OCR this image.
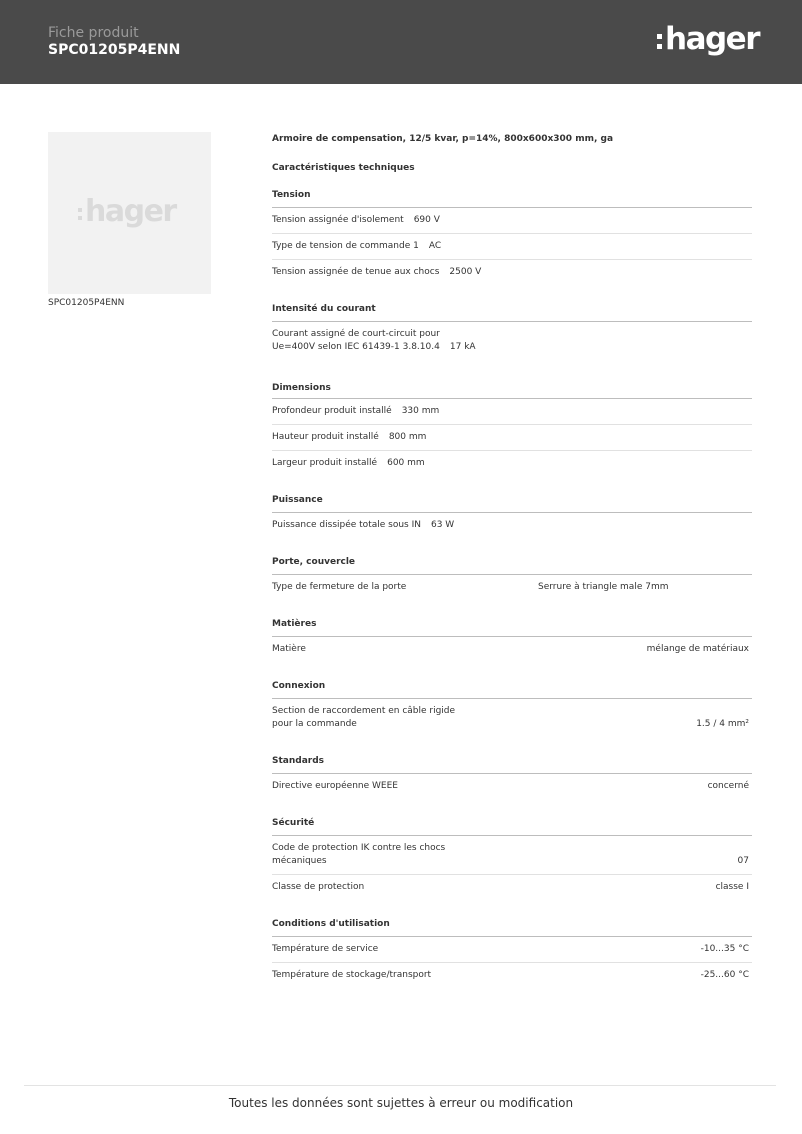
Fiche produit
SPC01205P4ENN	hager
hager
SPC01205P4ENN
Armoire de compensation, 12/5 kvar, p=14%, 800x600x300 mm, ga
Caractéristiques techniques
Tension
Tension assignée d'isolement 690 V
Type de tension de commande 1 AC
Tension assignée de tenue aux chocs 2500 V
Intensité du courant
Courant assigné de court-circuit pour
Ue=400V selon IEC 61439-1 3.8.10.4 17 kA
Dimensions
Profondeur produit installé 330 mm
Hauteur produit installé 800 mm
Largeur produit installé 600 mm
Puissance
Puissance dissipée totale sous IN 63 W
Porte, couvercle
Type de fermeture de la porte	Serrure à triangle male 7mm
Matières
Matière	mélange de matériaux
Connexion
Section de raccordement en câble rigide
pour la commande	1.5 / 4 mm²
Standards
Directive européenne WEEE	concerné
Sécurité
Code de protection IK contre les chocs
mécaniques	07
Classe de protection	classe I
Conditions d'utilisation
Température de service	-10...35 °C
Température de stockage/transport	-25...60 °C
Toutes les données sont sujettes à erreur ou modification
